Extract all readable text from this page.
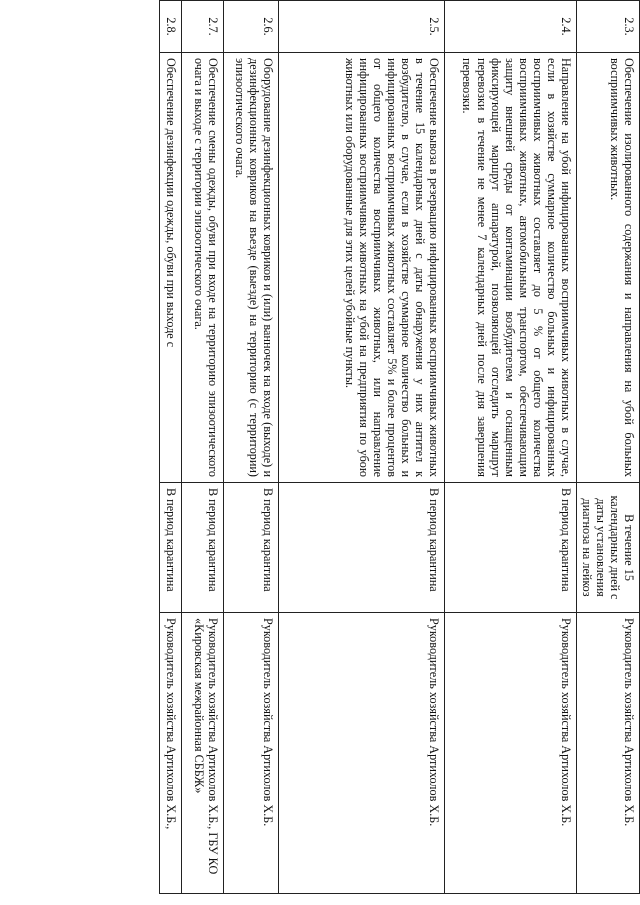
2.3.	Обеспечение изолированного содержания и направления на убой больных восприимчивых животных.	В течение 15 календарных дней с даты установления диагноза на лейкоз	Руководитель хозяйства Артихолов Х.Б.
2.4.	Направление на убой инфицированных восприимчивых животных в случае, если в хозяйстве суммарное количество больных и инфицированных восприимчивых животных составляет до 5 % от общего количества восприимчивых животных, автомобильным транспортом, обеспечивающим защиту внешней среды от контаминации возбудителем и оснащенным фиксирующей маршрут аппаратурой, позволяющей отследить маршрут перевозки в течение не менее 7 календарных дней после дня завершения перевозки.	В период карантина	Руководитель хозяйства Артихолов Х.Б.
2.5.	Обеспечение вывоза в резервацию инфицированных восприимчивых животных в течение 15 календарных дней с даты обнаружения у них антител к возбудителю, в случае, если в хозяйстве суммарное количество больных и инфицированных восприимчивых животных составляет 5% и более процентов от общего количества восприимчивых животных, или направление инфицированных восприимчивых животных на убой на предприятия по убою животных или оборудованные для этих целей убойные пункты.	В период карантина	Руководитель хозяйства Артихолов Х.Б.
2.6.	Оборудование дезинфекционных ковриков и (или) ванночек на входе (выходе) и дезинфекционных ковриков на въезде (выезде) на территорию (с территории) эпизоотического очага.	В период карантина	Руководитель хозяйства Артихолов Х.Б.
2.7.	Обеспечение смены одежды, обуви при входе на территорию эпизоотического очага и выходе с территории эпизоотического очага.	В период карантина	Руководитель хозяйства Артихолов Х.Б., ГБУ КО «Кировская межрайонная СББЖ»
2.8.	Обеспечение дезинфекции одежды, обуви при выходе с	В период карантина	Руководитель хозяйства Артихолов Х.Б.,
